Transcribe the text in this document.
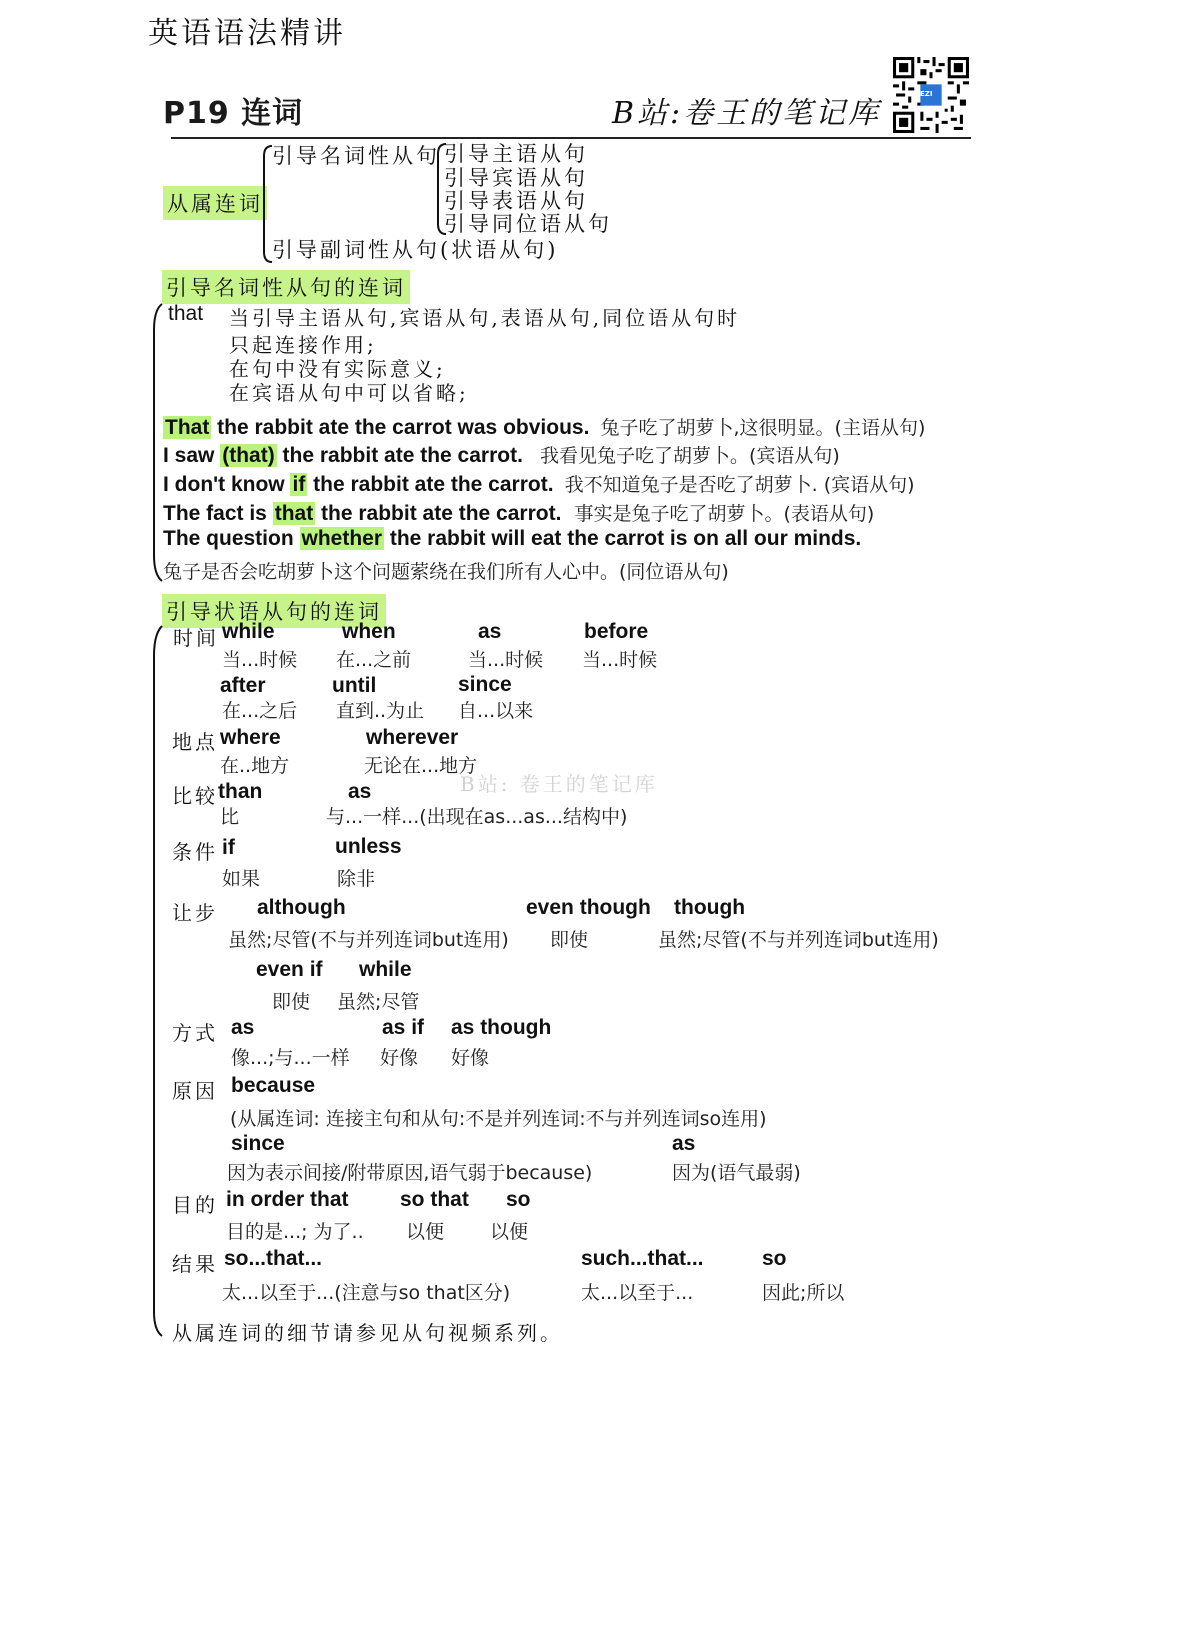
英语语法精讲
P19 连词	B站:卷王的笔记库
EZI
从属连词
引导名词性从句 引导主语从句
引导宾语从句
引导表语从句
引导同位语从句
引导副词性从句(状语从句)
引导名词性从句的连词
that 当引导主语从句,宾语从句,表语从句,同位语从句时
只起连接作用;
在句中没有实际意义;
在宾语从句中可以省略;
That the rabbit ate the carrot was obvious. 兔子吃了胡萝卜,这很明显。(主语从句)
I saw (that) the rabbit ate the carrot. 我看见兔子吃了胡萝卜。(宾语从句)
I don't know if the rabbit ate the carrot. 我不知道兔子是否吃了胡萝卜. (宾语从句)
The fact is that the rabbit ate the carrot. 事实是兔子吃了胡萝卜。(表语从句)
The question whether the rabbit will eat the carrot is on all our minds.
兔子是否会吃胡萝卜这个问题萦绕在我们所有人心中。(同位语从句)
引导状语从句的连词
时间 while
当...时候
when
在...之前
as
当...时候
before
当...时候
after
在...之后
until
直到..为止
since
自...以来
地点 where
在..地方
wherever
无论在...地方
B站: 卷王的笔记库
比较 than
比
as
与...一样...(出现在as...as...结构中)
条件 if
如果
unless
除非
让步 although
虽然;尽管(不与并列连词but连用)
even though
即使
though
虽然;尽管(不与并列连词but连用)
even if
即使
while
虽然;尽管
方式 as
像...;与...一样
as if
好像
as though
好像
原因 because
(从属连词: 连接主句和从句:不是并列连词:不与并列连词so连用)
since
因为表示间接/附带原因,语气弱于because)
as
因为(语气最弱)
目的 in order that
目的是...; 为了..
so that
以便
so
以便
结果 so...that...
太...以至于...(注意与so that区分)
such...that...
太...以至于...
so
因此;所以
从属连词的细节请参见从句视频系列。
